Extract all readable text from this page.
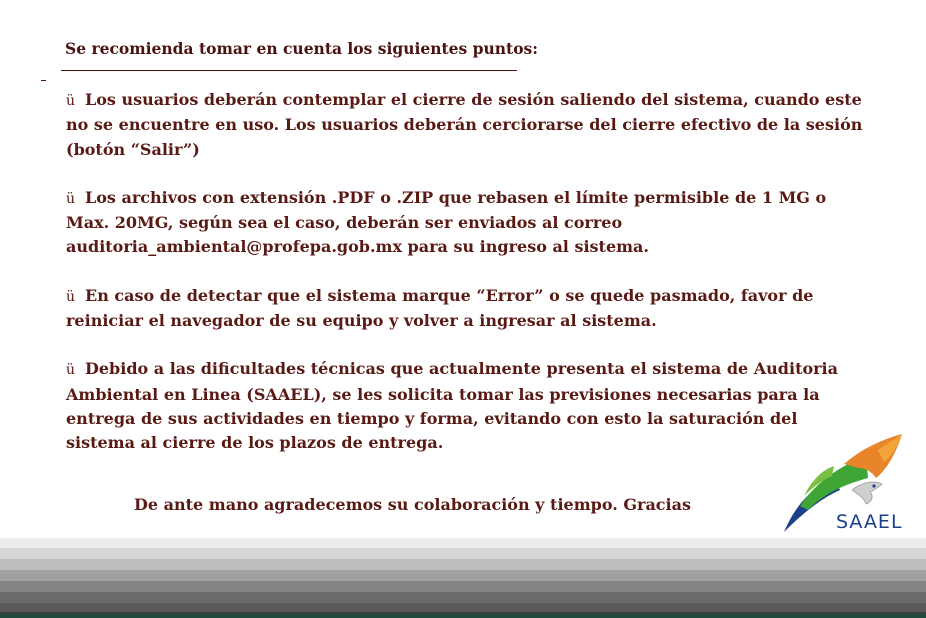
Se recomienda tomar en cuenta los siguientes puntos:
ü Los usuarios deberán contemplar el cierre de sesión saliendo del sistema, cuando este no se encuentre en uso. Los usuarios deberán cerciorarse del cierre efectivo de la sesión (botón “Salir”)
ü Los archivos con extensión .PDF o .ZIP que rebasen el límite permisible de 1 MG o Max. 20MG, según sea el caso, deberán ser enviados al correo auditoria_ambiental@profepa.gob.mx para su ingreso al sistema.
ü En caso de detectar que el sistema marque “Error” o se quede pasmado, favor de reiniciar el navegador de su equipo y volver a ingresar al sistema.
ü Debido a las dificultades técnicas que actualmente presenta el sistema de Auditoria Ambiental en Linea (SAAEL), se les solicita tomar las previsiones necesarias para la entrega de sus actividades en tiempo y forma, evitando con esto la saturación del sistema al cierre de los plazos de entrega.

De ante mano agradecemos su colaboración y tiempo. Gracias

SAAEL
